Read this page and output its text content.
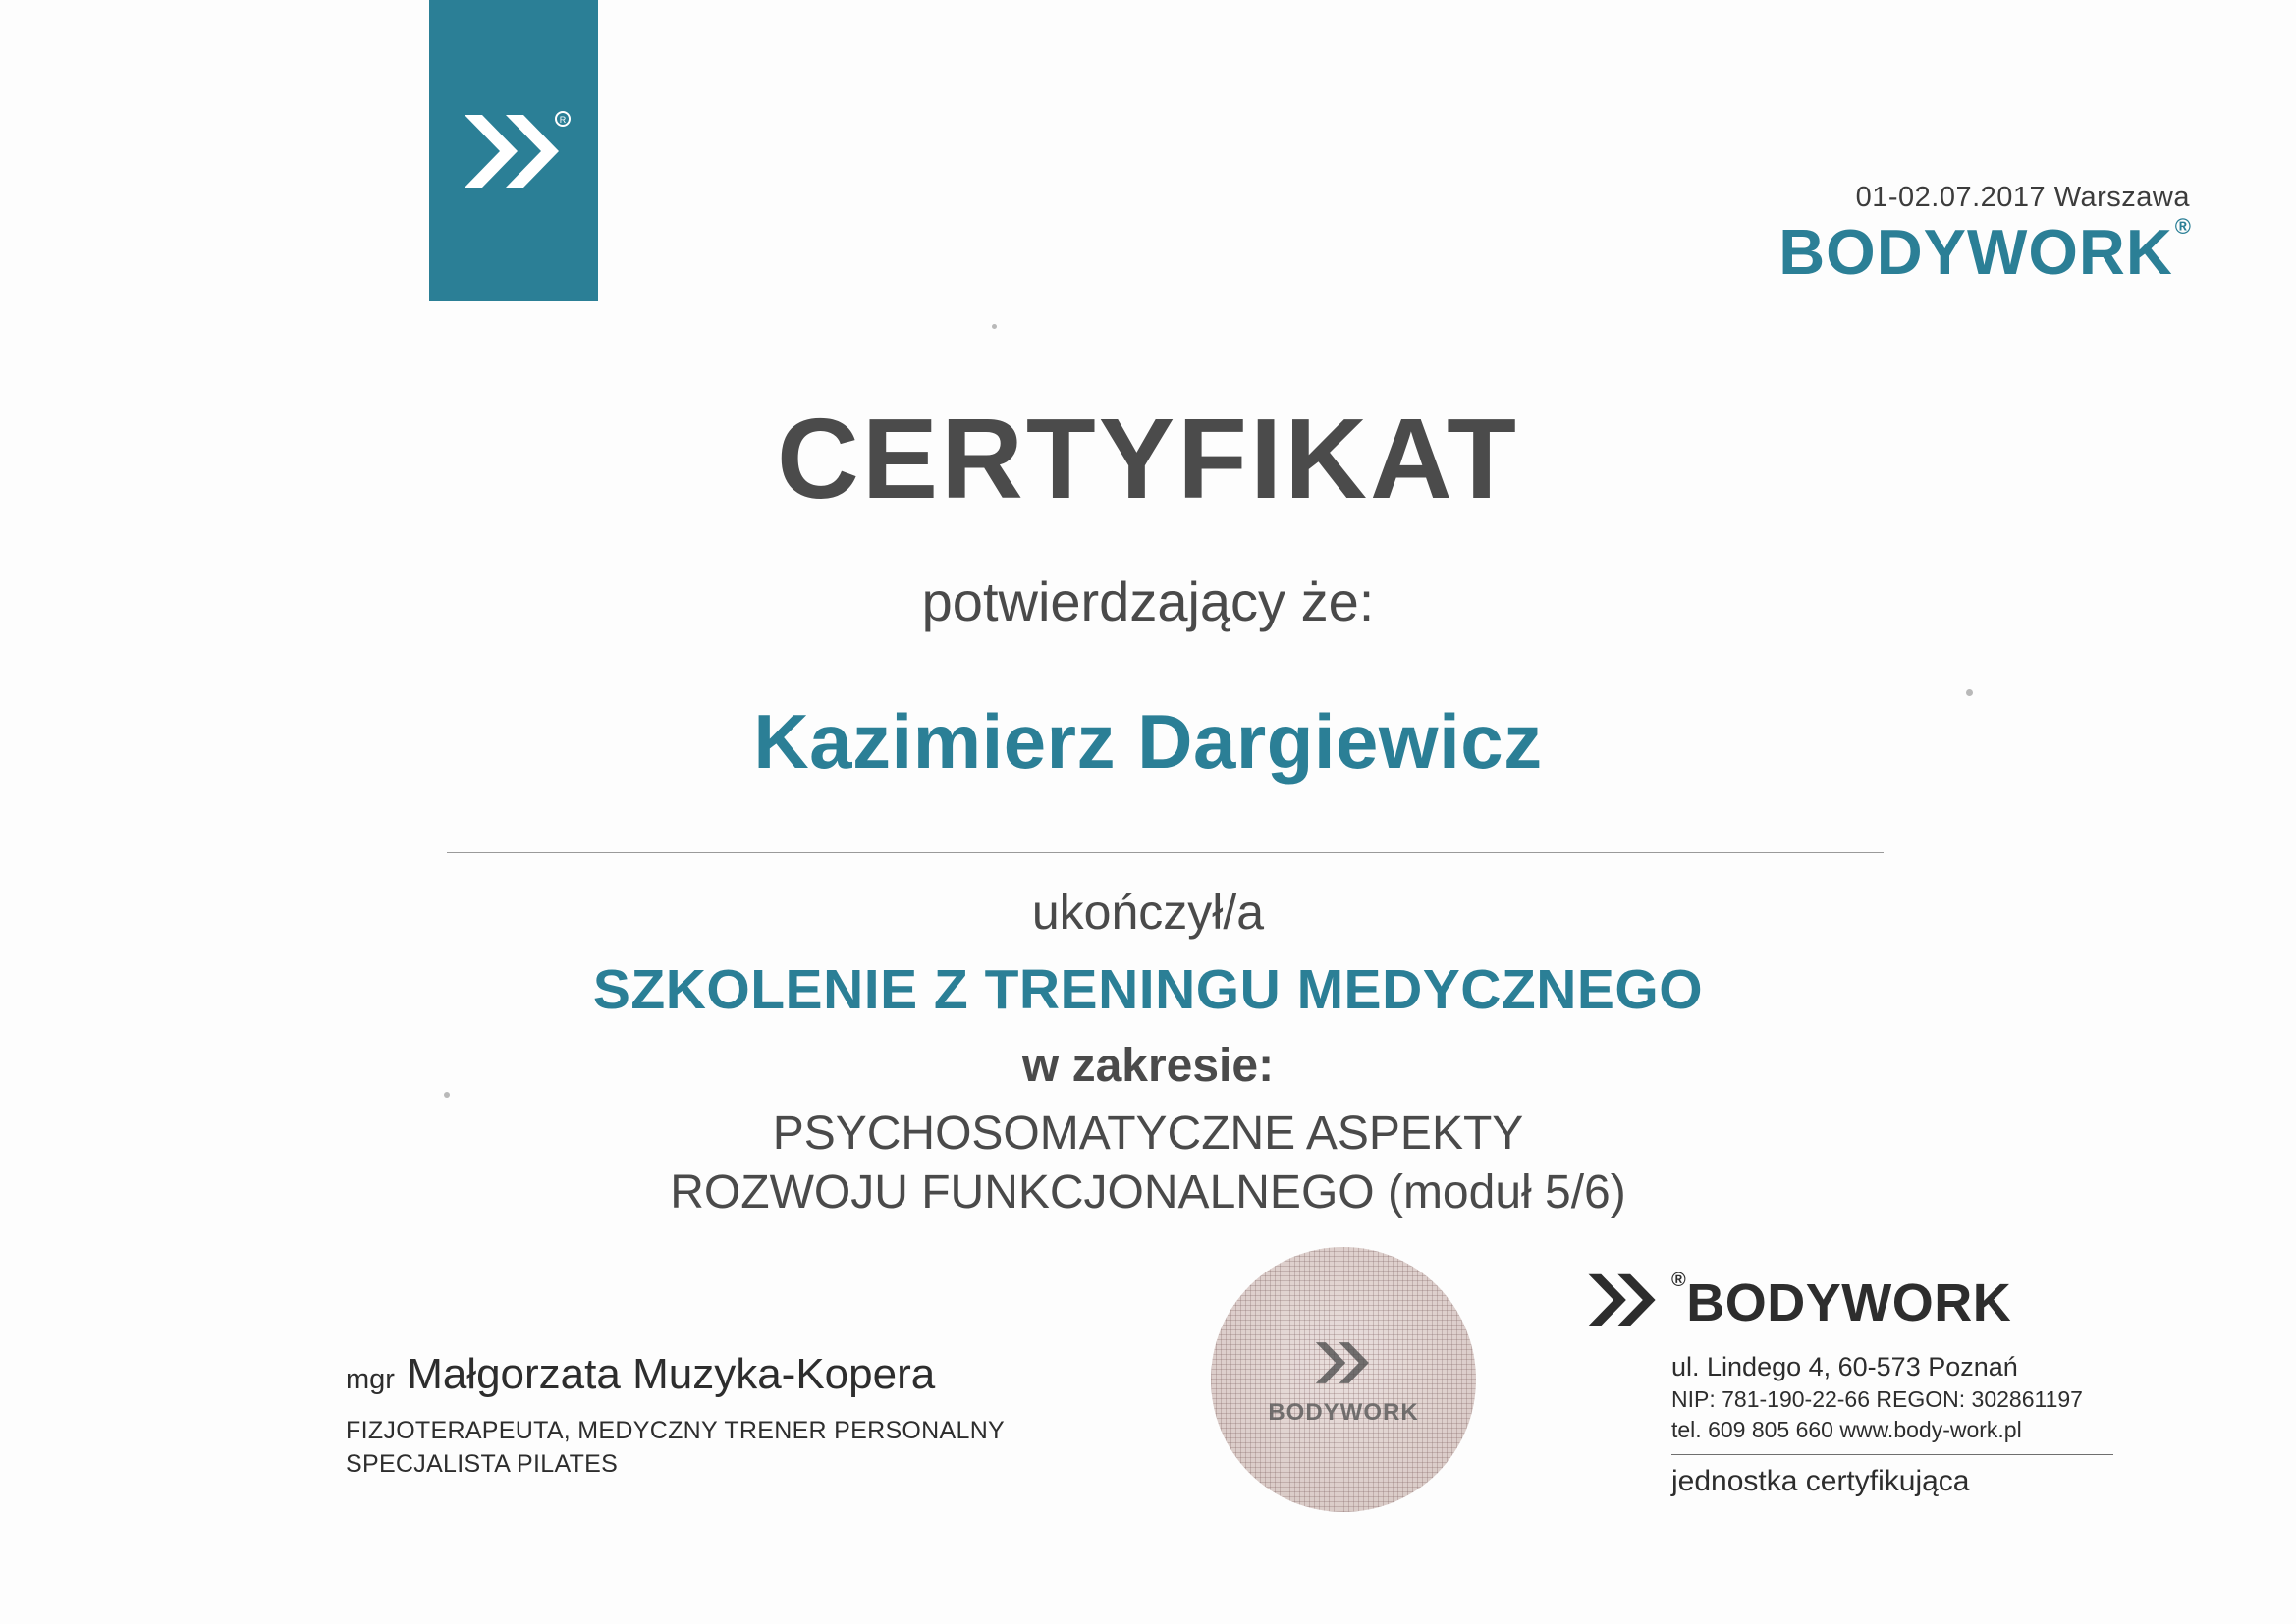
R
01-02.07.2017 Warszawa
BODYWORK®
CERTYFIKAT
potwierdzający że:
Kazimierz Dargiewicz
ukończył/a
SZKOLENIE Z TRENINGU MEDYCZNEGO
w zakresie:
PSYCHOSOMATYCZNE ASPEKTY
ROZWOJU FUNKCJONALNEGO (moduł 5/6)
mgr Małgorzata Muzyka-Kopera
FIZJOTERAPEUTA, MEDYCZNY TRENER PERSONALNY
SPECJALISTA PILATES
BODYWORK
®BODYWORK
ul. Lindego 4, 60-573 Poznań
NIP: 781-190-22-66 REGON: 302861197
tel. 609 805 660 www.body-work.pl
jednostka certyfikująca
